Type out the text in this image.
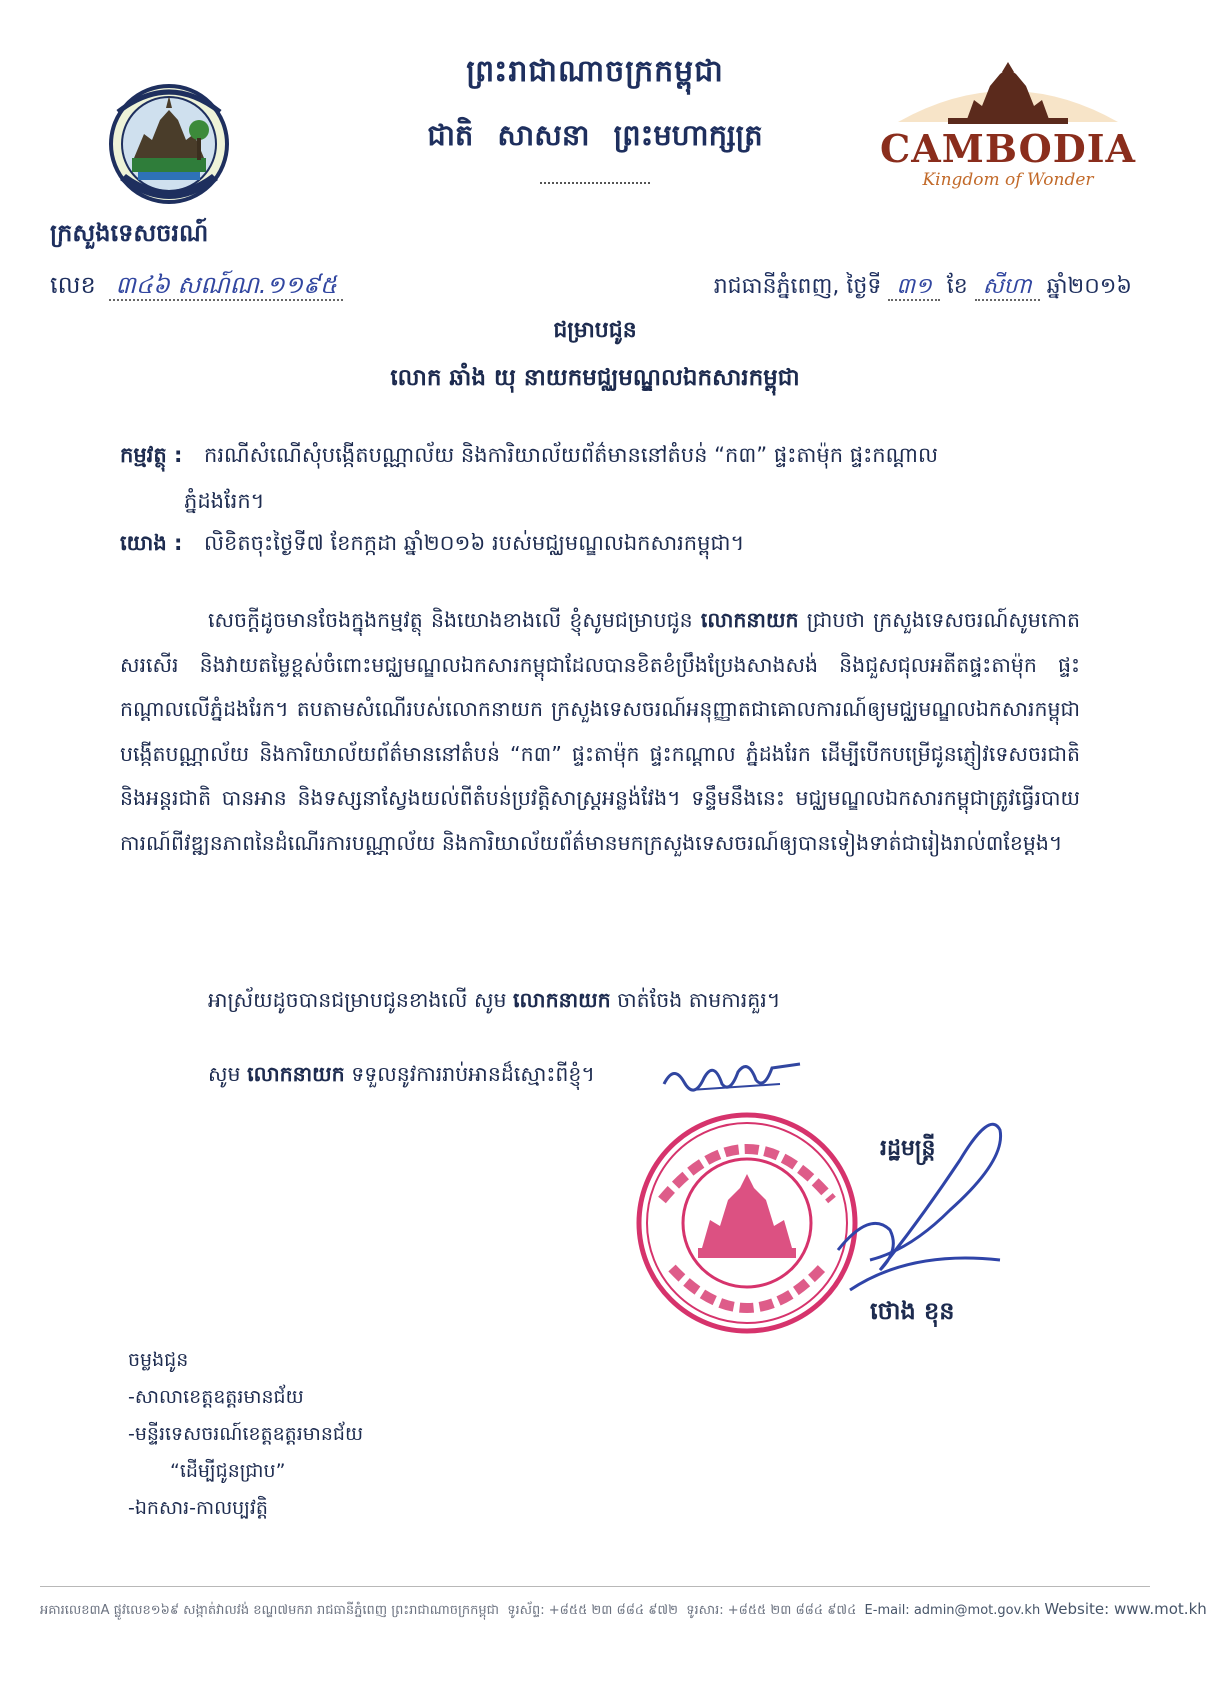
ព្រះរាជាណាចក្រកម្ពុជា
ជាតិ សាសនា ព្រះមហាក្សត្រ	CAMBODIA
Kingdom of Wonder
ក្រសួងទេសចរណ៍
លេខ ៣៤៦ សណ៍ណ.១១៩៥	រាជធានីភ្នំពេញ, ថ្ងៃទី ៣១ ខែ សីហា ឆ្នាំ២០១៦
ជម្រាបជូន
លោក ឆាំង យុ នាយកមជ្ឈមណ្ឌលឯកសារកម្ពុជា
កម្មវត្ថុ : ករណីសំណើសុំបង្កើតបណ្ណាល័យ និងការិយាល័យព័ត៌មាននៅតំបន់ “ក៣” ផ្ទះតាម៉ុក ផ្ទះកណ្តាល
ភ្នំដងរែក។
យោង : លិខិតចុះថ្ងៃទី៧ ខែកក្កដា ឆ្នាំ២០១៦ របស់មជ្ឈមណ្ឌលឯកសារកម្ពុជា។
សេចក្តីដូចមានចែងក្នុងកម្មវត្ថុ និងយោងខាងលើ ខ្ញុំសូមជម្រាបជូន លោកនាយក ជ្រាបថា ក្រសួងទេសចរណ៍សូមកោតសរសើរ និងវាយតម្លៃខ្ពស់ចំពោះមជ្ឈមណ្ឌលឯកសារកម្ពុជាដែលបានខិតខំប្រឹងប្រែងសាងសង់ និងជួសជុលអតីតផ្ទះតាម៉ុក ផ្ទះកណ្តាលលើភ្នំដងរែក។ តបតាមសំណើរបស់លោកនាយក ក្រសួងទេសចរណ៍អនុញ្ញាតជាគោលការណ៍ឲ្យមជ្ឈមណ្ឌលឯកសារកម្ពុជាបង្កើតបណ្ណាល័យ និងការិយាល័យព័ត៌មាននៅតំបន់ “ក៣” ផ្ទះតាម៉ុក ផ្ទះកណ្តាល ភ្នំដងរែក ដើម្បីបើកបម្រើជូនភ្ញៀវទេសចរជាតិនិងអន្តរជាតិ បានអាន និងទស្សនាស្វែងយល់ពីតំបន់ប្រវត្តិសាស្ត្រអន្លង់វែង។ ទន្ទឹមនឹងនេះ មជ្ឈមណ្ឌលឯកសារកម្ពុជាត្រូវធ្វើរបាយការណ៍ពីវឌ្ឍនភាពនៃដំណើរការបណ្ណាល័យ និងការិយាល័យព័ត៌មានមកក្រសួងទេសចរណ៍ឲ្យបានទៀងទាត់ជារៀងរាល់៣ខែម្តង។
អាស្រ័យដូចបានជម្រាបជូនខាងលើ សូម លោកនាយក ចាត់ចែង តាមការគួរ។
សូម លោកនាយក ទទួលនូវការរាប់អានដ៏ស្មោះពីខ្ញុំ។
រដ្ឋមន្ត្រី
ថោង ខុន
ចម្លងជូន
-សាលាខេត្តឧត្តរមានជ័យ
-មន្ទីរទេសចរណ៍ខេត្តឧត្តរមានជ័យ
“ដើម្បីជូនជ្រាប”
-ឯកសារ-កាលប្បវត្តិ
អគារលេខ៣A ផ្លូវលេខ១៦៩ សង្កាត់វាលវង់ ខណ្ឌ៧មករា រាជធានីភ្នំពេញ ព្រះរាជាណាចក្រកម្ពុជា ទូរស័ព្ទ: +៨៥៥ ២៣ ៨៨៤ ៩៧២ ទូរសារ: +៨៥៥ ២៣ ៨៨៤ ៩៧៤ E-mail: admin@mot.gov.kh Website: www.mot.kh
